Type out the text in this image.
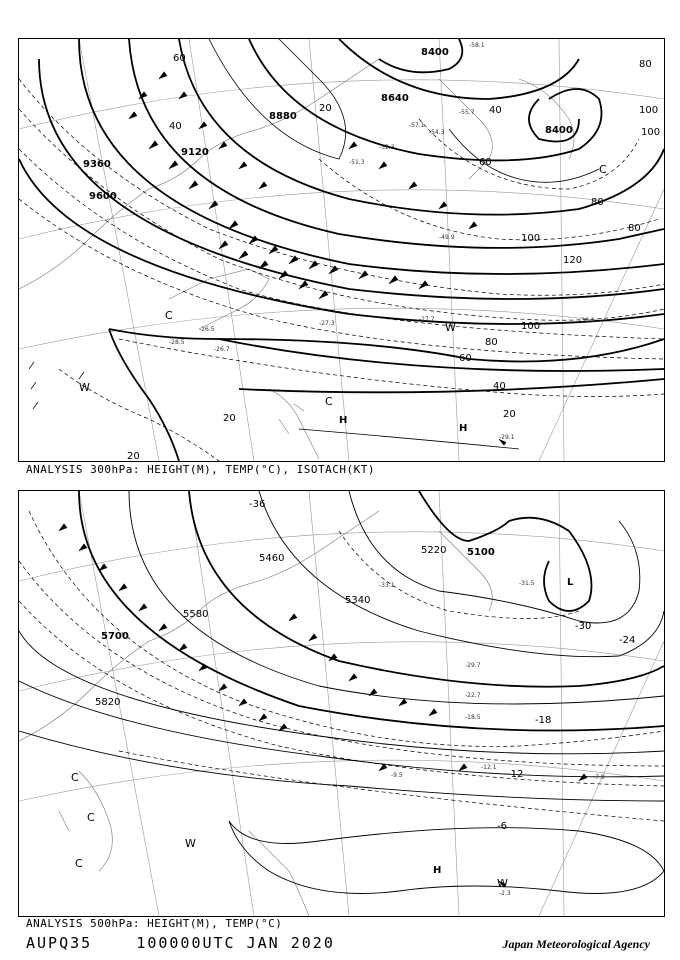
-29.1
-27.7
-27.3
-28.5
-26.5
-26.7
-30.1
-51.3
-54.3
-57.1
-52.3
-49.9
-55.7
-58.1
8400
8640
8400
8880
9120
9360
9600
60
40
20	40
60
80
100
100
80
100
120
80
100
80
60
40
20
20
20
W
C
C
H
H
W
C
ANALYSIS 300hPa: HEIGHT(M), TEMP(°C), ISOTACH(KT)
-31.5
-33.1
-29.7
-22.7
-18.5
-12.1
-9.5	-7.9
-2.3
5100
5220
5340
5460
5580
5700
5820
-36
-30
-24
-18
-12
-6
L
W
H
W
C
C
C
ANALYSIS 500hPa: HEIGHT(M), TEMP(°C)
AUPQ35	100000UTC JAN 2020	Japan Meteorological Agency
